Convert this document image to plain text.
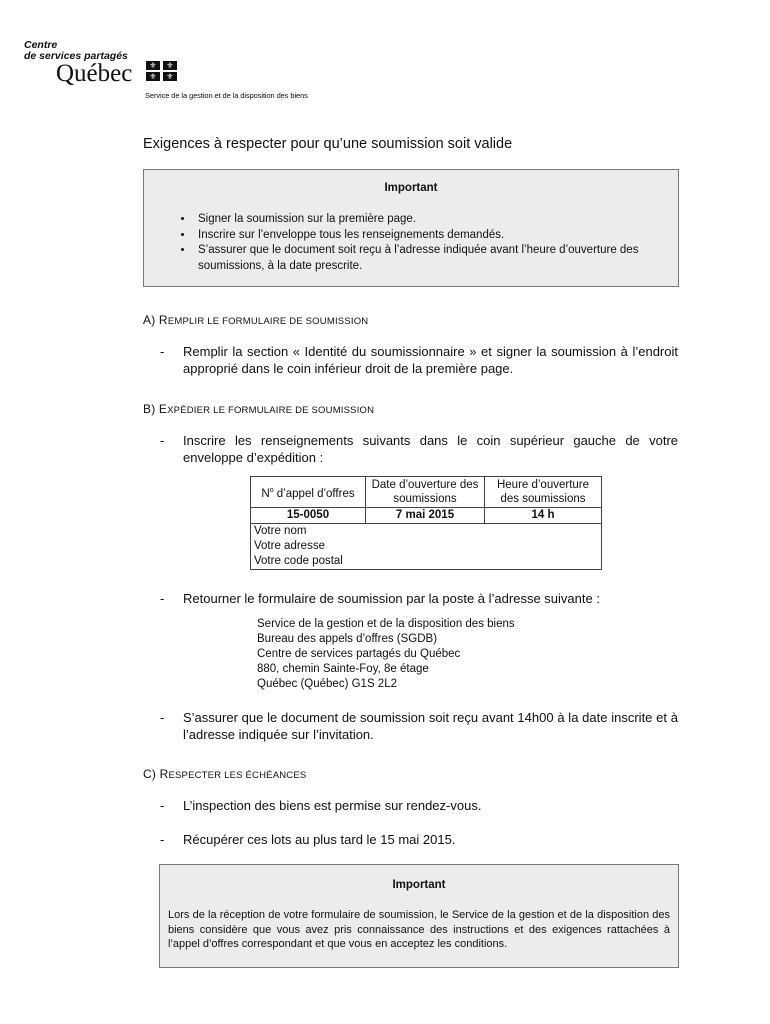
Centre
de services partagés
Québec	⚜	⚜
⚜	⚜
Service de la gestion et de la disposition des biens
Exigences à respecter pour qu’une soumission soit valide
Important
• Signer la soumission sur la première page.
• Inscrire sur l’enveloppe tous les renseignements demandés.
• S’assurer que le document soit reçu à l’adresse indiquée avant l’heure d’ouverture des soumissions, à la date prescrite.
A) REMPLIR LE FORMULAIRE DE SOUMISSION
- Remplir la section « Identité du soumissionnaire » et signer la soumission à l’endroit approprié dans le coin inférieur droit de la première page.
B) EXPÉDIER LE FORMULAIRE DE SOUMISSION
- Inscrire les renseignements suivants dans le coin supérieur gauche de votre enveloppe d’expédition :
$N^o$ d’appel d’offres	Date d’ouverture des soumissions	Heure d’ouverture des soumissions
15-0050	7 mai 2015	14 h

Votre nom
Votre adresse
Votre code postal		
- Retourner le formulaire de soumission par la poste à l’adresse suivante :
Service de la gestion et de la disposition des biens
Bureau des appels d’offres (SGDB)
Centre de services partagés du Québec
880, chemin Sainte-Foy, 8e étage
Québec (Québec) G1S 2L2
- S’assurer que le document de soumission soit reçu avant 14h00 à la date inscrite et à l’adresse indiquée sur l’invitation.
C) RESPECTER LES ÉCHÉANCES
- L’inspection des biens est permise sur rendez-vous.
- Récupérer ces lots au plus tard le 15 mai 2015.
Important
Lors de la réception de votre formulaire de soumission, le Service de la gestion et de la disposition des biens considère que vous avez pris connaissance des instructions et des exigences rattachées à l’appel d’offres correspondant et que vous en acceptez les conditions.
